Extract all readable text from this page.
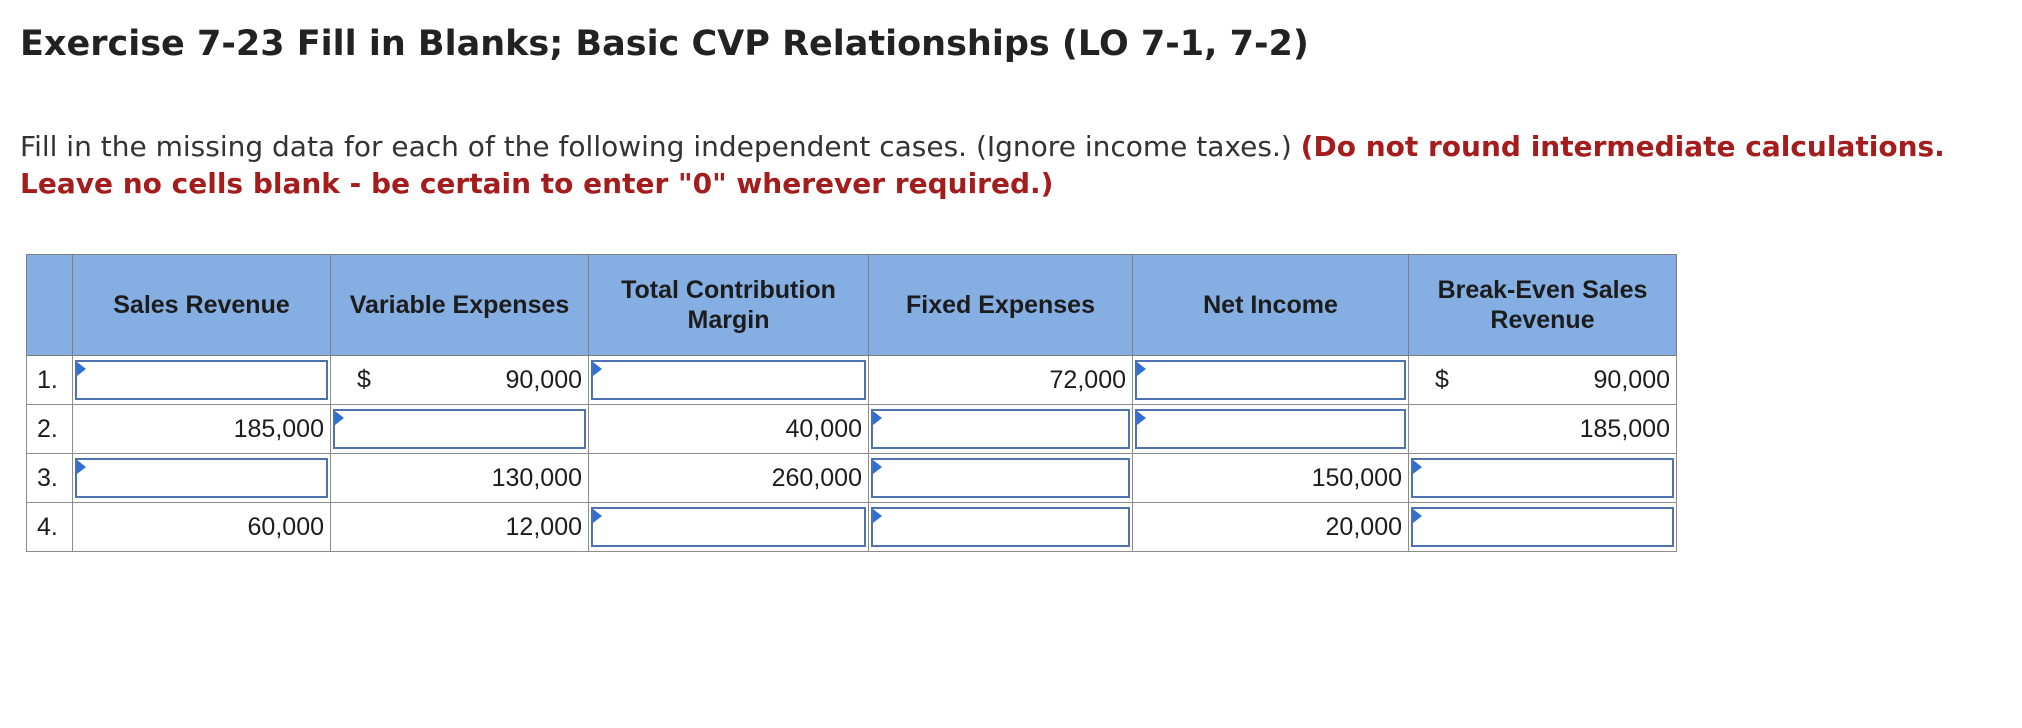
Exercise 7-23 Fill in Blanks; Basic CVP Relationships (LO 7-1, 7-2)
Fill in the missing data for each of the following independent cases. (Ignore income taxes.) (Do not round intermediate calculations. Leave no cells blank - be certain to enter "0" wherever required.)
	Sales Revenue	Variable Expenses	Total Contribution Margin	Fixed Expenses	Net Income	Break-Even Sales Revenue
1.		$ 90,000		72,000		$ 90,000
2.	185,000		40,000			185,000
3.		130,000	260,000		150,000	

4.	60,000	12,000			20,000	
